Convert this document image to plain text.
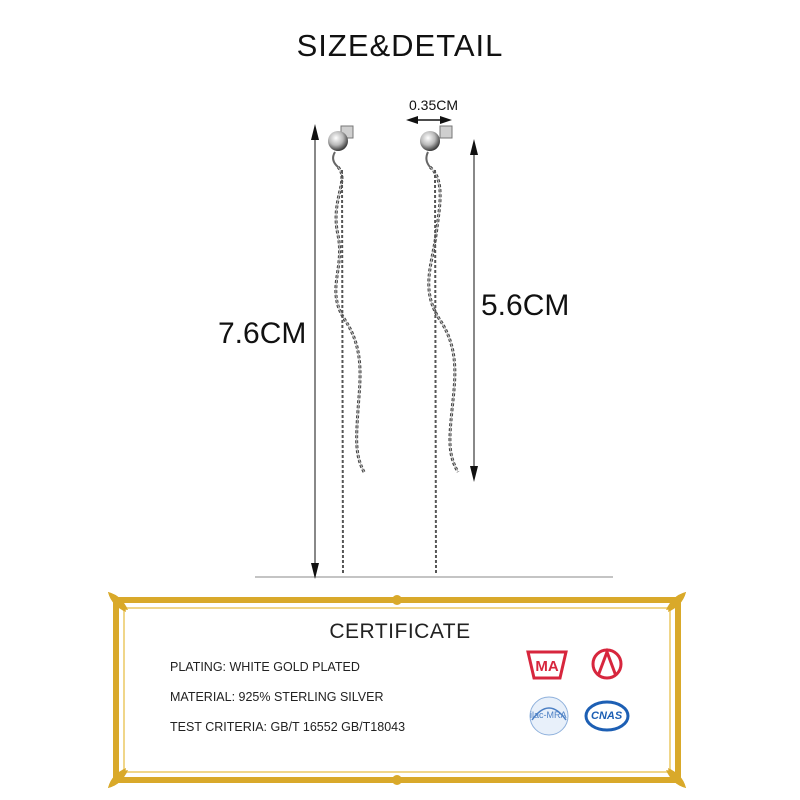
SIZE&DETAIL
MA
7.6CM
5.6CM
0.35CM
CERTIFICATE
PLATING: WHITE GOLD PLATED
MATERIAL: 925% STERLING SILVER
TEST CRITERIA: GB/T 16552 GB/T18043
ilac-MRA CNAS
